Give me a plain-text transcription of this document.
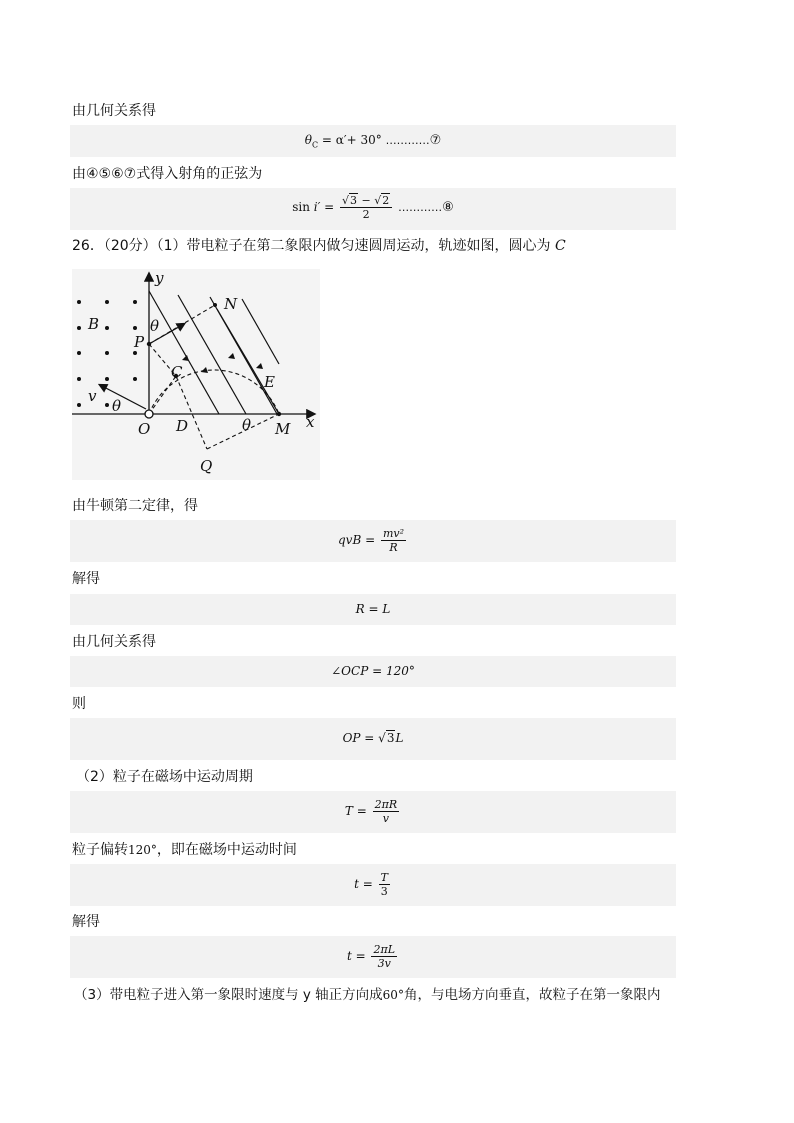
由几何关系得
$\theta_C = \alpha'+ 30^\circ$ …………⑦
由④⑤⑥⑦式得入射角的正弦为
$\sin i' = \frac{√3 - √2}{2}$ …………⑧
26．（20分）（1）带电粒子在第二象限内做匀速圆周运动，轨迹如图，圆心为 C
y
x
B
P
N
C
E
v
O D	M
Q
θ
θ
θ
由牛顿第二定律，得
qvB = $\frac{\text{mv²}}{R}$
解得
R = L
由几何关系得
∠OCP = 120°
则
OP = √3L
（2）粒子在磁场中运动周期
$T = \frac{2\pi R}{v}$
粒子偏转120°，即在磁场中运动时间
$t = \frac{T}{3}$
解得
$t = \frac{2\pi L}{3v}$
（3）带电粒子进入第一象限时速度与 y 轴正方向成60°角，与电场方向垂直，故粒子在第一象限内
